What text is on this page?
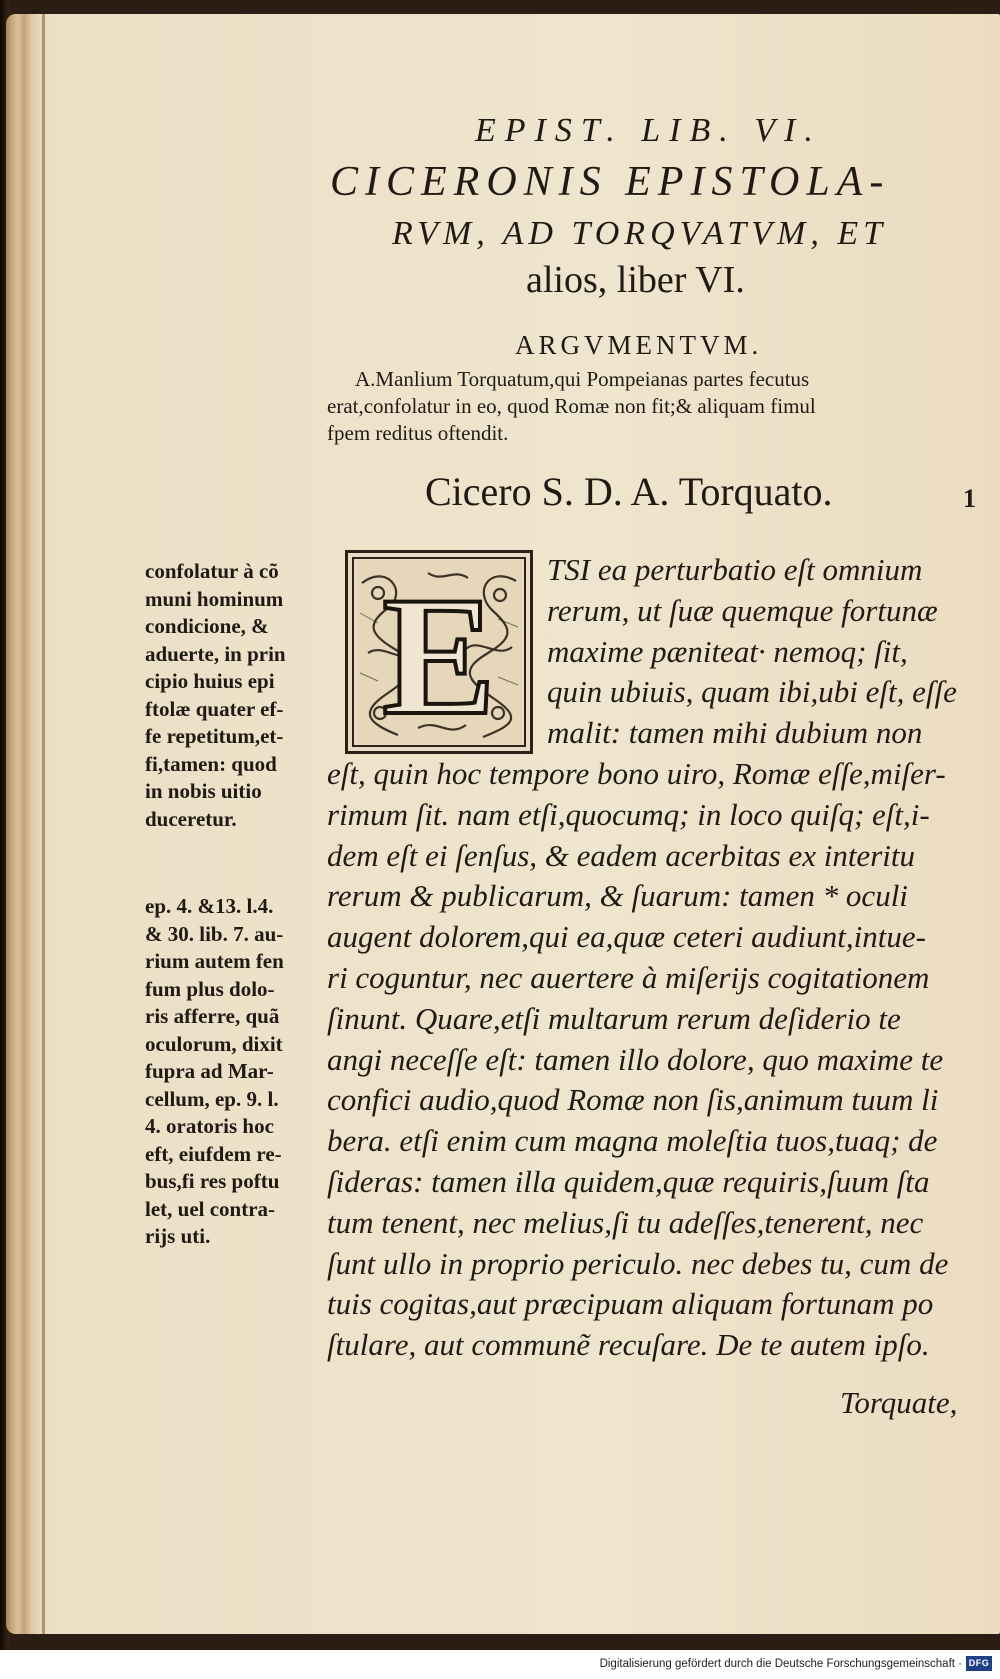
EPIST. LIB. VI.
CICERONIS EPISTOLA-
RVM, AD TORQVATVM, ET
alios, liber VI.
ARGVMENTVM.
A.Manlium Torquatum,qui Pompeianas partes fecutus
erat,confolatur in eo, quod Romæ non fit;& aliquam fimul
fpem reditus oftendit.
Cicero S. D. A. Torquato.	1
E TSI ea perturbatio eſt omnium
rerum, ut ſuæ quemque fortunæ
maxime pæniteat· nemoq; ſit,
quin ubiuis, quam ibi,ubi eſt, eſſe
malit: tamen mihi dubium non
eſt, quin hoc tempore bono uiro, Romæ eſſe,miſer-
rimum ſit. nam etſi,quocumq; in loco quiſq; eſt,i-
dem eſt ei ſenſus, & eadem acerbitas ex interitu
rerum & publicarum, & ſuarum: tamen * oculi
augent dolorem,qui ea,quæ ceteri audiunt,intue-
ri coguntur, nec auertere à miſerijs cogitationem
ſinunt. Quare,etſi multarum rerum deſiderio te
angi neceſſe eſt: tamen illo dolore, quo maxime te
confici audio,quod Romæ non ſis,animum tuum li
bera. etſi enim cum magna moleſtia tuos,tuaq; de
ſideras: tamen illa quidem,quæ requiris,ſuum ſta
tum tenent, nec melius,ſi tu adeſſes,tenerent, nec
ſunt ullo in proprio periculo. nec debes tu, cum de
tuis cogitas,aut præcipuam aliquam fortunam po
ſtulare, aut communẽ recuſare. De te autem ipſo.
Torquate,
confolatur à cõ
muni hominum
condicione, &
aduerte, in prin
cipio huius epi
ftolæ quater ef-
fe repetitum,et-
fi,tamen: quod
in nobis uitio
duceretur.
ep. 4. &13. l.4.
& 30. lib. 7. au-
rium autem fen
fum plus dolo-
ris afferre, quã
oculorum, dixit
fupra ad Mar-
cellum, ep. 9. l.
4. oratoris hoc
eft, eiufdem re-
bus,fi res poftu
let, uel contra-
rijs uti.
Digitalisierung gefördert durch die Deutsche Forschungsgemeinschaft · DFG
